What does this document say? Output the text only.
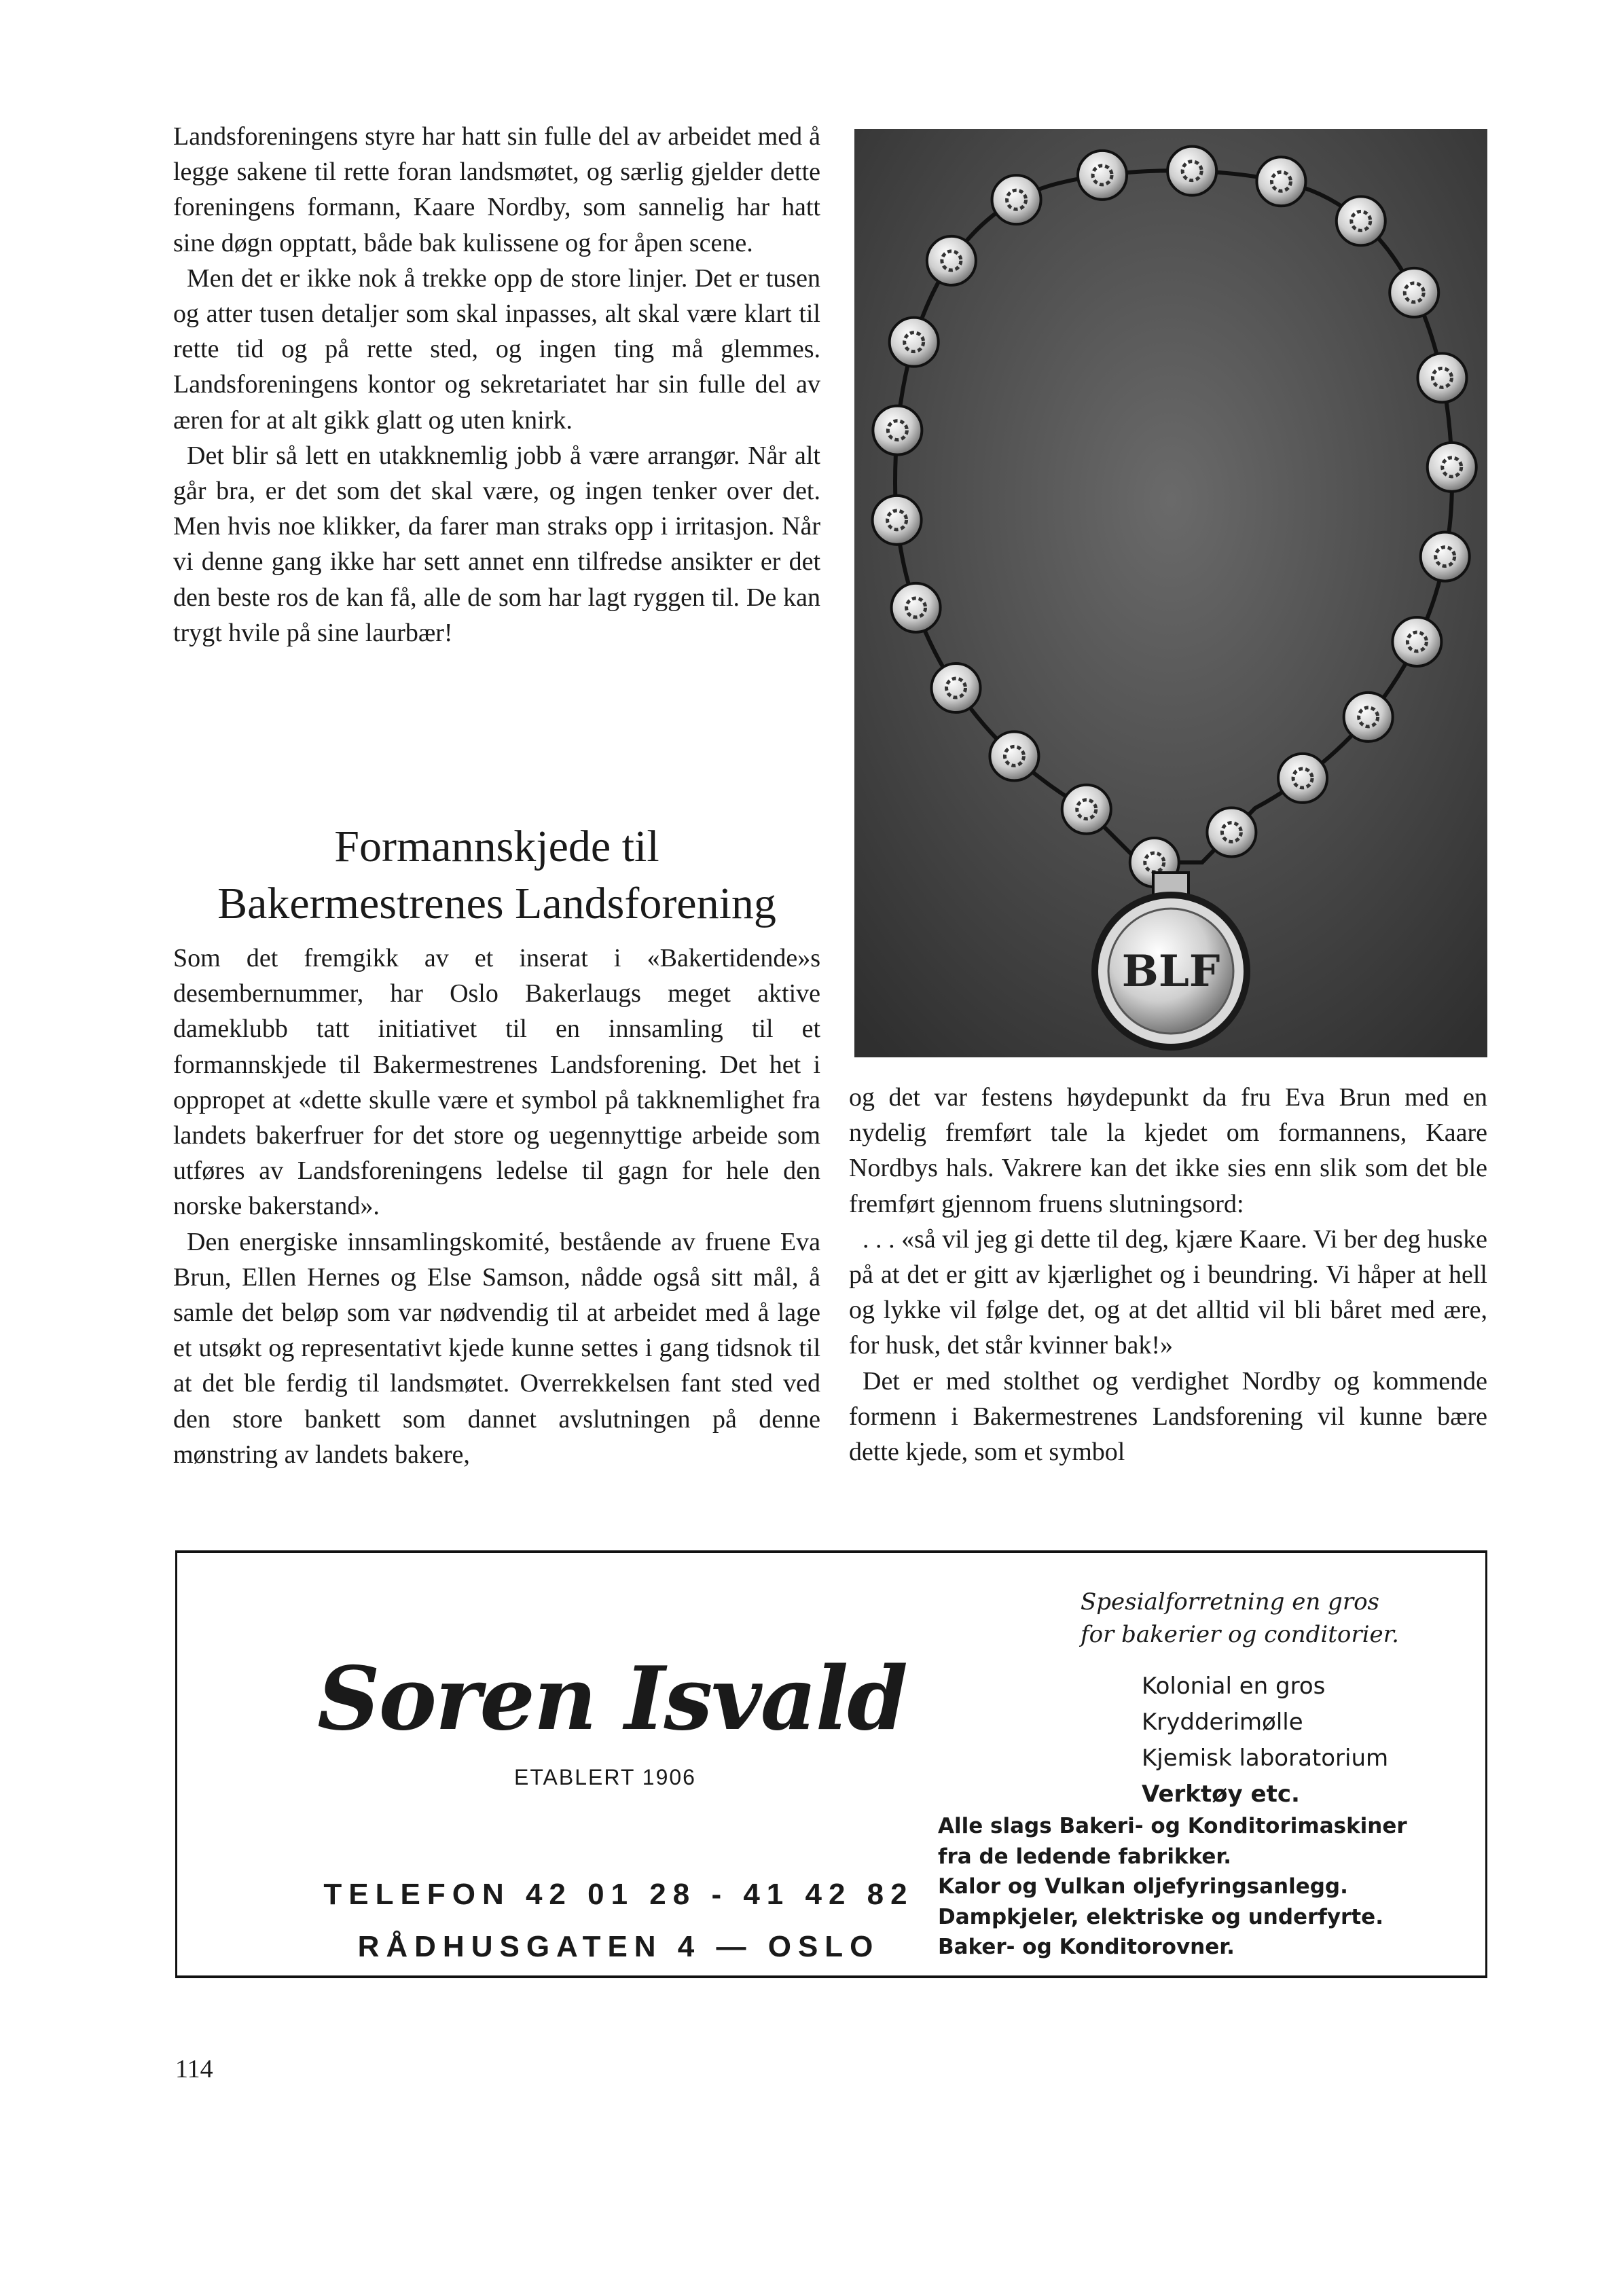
Landsforeningens styre har hatt sin fulle del av arbeidet med å legge sakene til rette foran landsmøtet, og særlig gjelder dette foreningens formann, Kaare Nordby, som sannelig har hatt sine døgn opptatt, både bak kulissene og for åpen scene.

Men det er ikke nok å trekke opp de store linjer. Det er tusen og atter tusen detaljer som skal inpasses, alt skal være klart til rette tid og på rette sted, og ingen ting må glemmes. Landsforeningens kontor og sekretariatet har sin fulle del av æren for at alt gikk glatt og uten knirk.

Det blir så lett en utakknemlig jobb å være arrangør. Når alt går bra, er det som det skal være, og ingen tenker over det. Men hvis noe klikker, da farer man straks opp i irritasjon. Når vi denne gang ikke har sett annet enn tilfredse ansikter er det den beste ros de kan få, alle de som har lagt ryggen til. De kan trygt hvile på sine laurbær!

Formannskjede til
Bakermestrenes Landsforening

Som det fremgikk av et inserat i «Bakertidende»s desembernummer, har Oslo Bakerlaugs meget aktive dameklubb tatt initiativet til en innsamling til et formannskjede til Bakermestrenes Landsforening. Det het i oppropet at «dette skulle være et symbol på takknemlighet fra landets bakerfruer for det store og uegennyttige arbeide som utføres av Landsforeningens ledelse til gagn for hele den norske bakerstand».

Den energiske innsamlingskomité, bestående av fruene Eva Brun, Ellen Hernes og Else Samson, nådde også sitt mål, å samle det beløp som var nødvendig til at arbeidet med å lage et utsøkt og representativt kjede kunne settes i gang tidsnok til at det ble ferdig til landsmøtet. Overrekkelsen fant sted ved den store bankett som dannet avslutningen på denne mønstring av landets bakere,

BLF

og det var festens høydepunkt da fru Eva Brun med en nydelig fremført tale la kjedet om formannens, Kaare Nordbys hals. Vakrere kan det ikke sies enn slik som det ble fremført gjennom fruens slutningsord:

. . . «så vil jeg gi dette til deg, kjære Kaare. Vi ber deg huske på at det er gitt av kjærlighet og i beundring. Vi håper at hell og lykke vil følge det, og at det alltid vil bli båret med ære, for husk, det står kvinner bak!»

Det er med stolthet og verdighet Nordby og kommende formenn i Bakermestrenes Landsforening vil kunne bære dette kjede, som et symbol

Soren Isvald
ETABLERT 1906
TELEFON 42 01 28 - 41 42 82
RÅDHUSGATEN 4 — OSLO
Spesialforretning en gros
for bakerier og conditorier.
Kolonial en gros
Krydderimølle
Kjemisk laboratorium
Verktøy etc.
Alle slags Bakeri- og Konditorimaskiner
fra de ledende fabrikker.
Kalor og Vulkan oljefyringsanlegg.
Dampkjeler, elektriske og underfyrte.
Baker- og Konditorovner.
114
